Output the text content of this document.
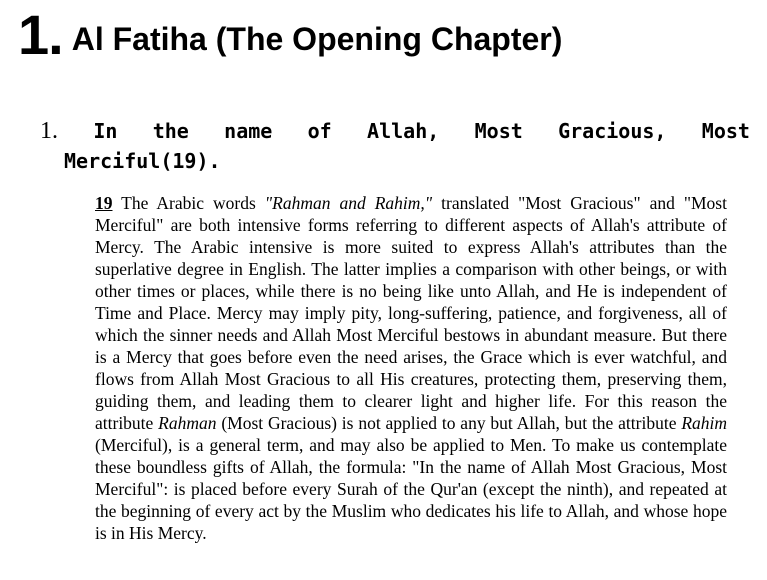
1. Al Fatiha (The Opening Chapter)
1. In the name of Allah, Most Gracious, Most
Merciful(19).

19 The Arabic words "Rahman and Rahim," translated "Most Gracious" and "Most Merciful" are both intensive forms referring to different aspects of Allah's attribute of Mercy. The Arabic intensive is more suited to express Allah's attributes than the superlative degree in English. The latter implies a comparison with other beings, or with other times or places, while there is no being like unto Allah, and He is independent of Time and Place. Mercy may imply pity, long-suffering, patience, and forgiveness, all of which the sinner needs and Allah Most Merciful bestows in abundant measure. But there is a Mercy that goes before even the need arises, the Grace which is ever watchful, and flows from Allah Most Gracious to all His creatures, protecting them, preserving them, guiding them, and leading them to clearer light and higher life. For this reason the attribute Rahman (Most Gracious) is not applied to any but Allah, but the attribute Rahim (Merciful), is a general term, and may also be applied to Men. To make us contemplate these boundless gifts of Allah, the formula: "In the name of Allah Most Gracious, Most Merciful": is placed before every Surah of the Qur'an (except the ninth), and repeated at the beginning of every act by the Muslim who dedicates his life to Allah, and whose hope is in His Mercy.
